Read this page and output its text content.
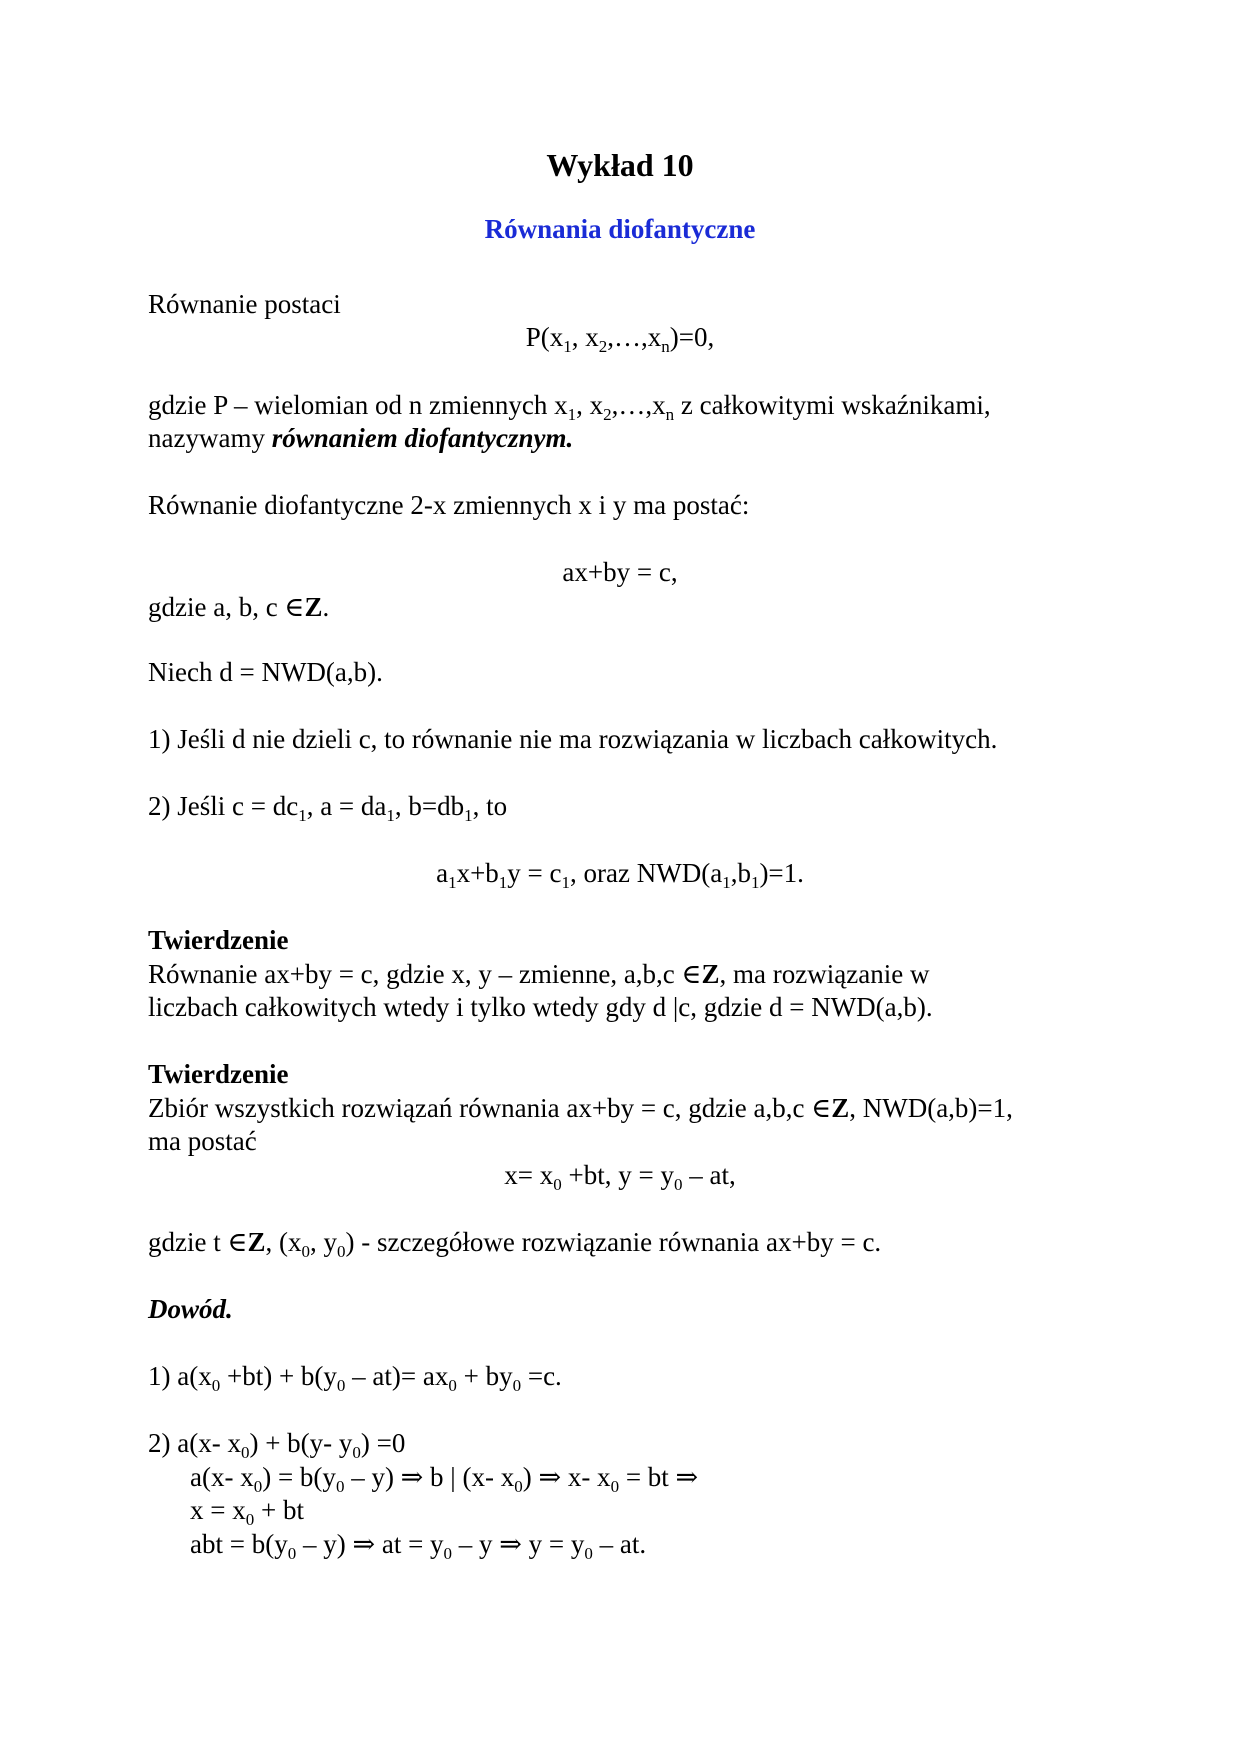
Wykład 10
Równania diofantyczne
Równanie postaci
$P(x_1$, $x_2,\dots,x_n)=0$,
gdzie P – wielomian od n zmiennych $x_1$, $x_2,\dots,x_n$ z całkowitymi wskaźnikami,
nazywamy równaniem diofantycznym.
Równanie diofantyczne 2-x zmiennych x i y ma postać:
ax+by = c,
gdzie a, b, c ∈Z.
Niech d = NWD(a,b).
1) Jeśli d nie dzieli c, to równanie nie ma rozwiązania w liczbach całkowitych.
2) Jeśli $c = dc_1$, $a = da_1$, $b=db_1$, to
$a_1x+b_1y = c_1$, oraz $NWD(a_1,b_1)=1$.
Twierdzenie
Równanie ax+by = c, gdzie x, y – zmienne, a,b,c ∈Z, ma rozwiązanie w
liczbach całkowitych wtedy i tylko wtedy gdy d |c, gdzie d = NWD(a,b).
Twierdzenie
Zbiór wszystkich rozwiązań równania ax+by = c, gdzie a,b,c ∈Z, NWD(a,b)=1,
ma postać
$x= x_0 +bt$, $y = y_0$ – at,
gdzie t ∈Z, ($x_0$, $y_0$) - szczegółowe rozwiązanie równania ax+by = c.
Dowód.
1) $a(x_0 +bt) + b(y_0 - at)= ax_0 + by_0 =c$.
2) a(x- $x_0) + b(y-$ $y_0) =0$
a(x- $x_0) = b(y_0 - y)$ ⇒ b | (x- $x_0$) ⇒ x- $x_0$ = bt ⇒
$x = x_0$ + bt
abt = $b(y_0 - y)$ ⇒ at = $y_0$ – y ⇒ $y = y_0$ – at.
